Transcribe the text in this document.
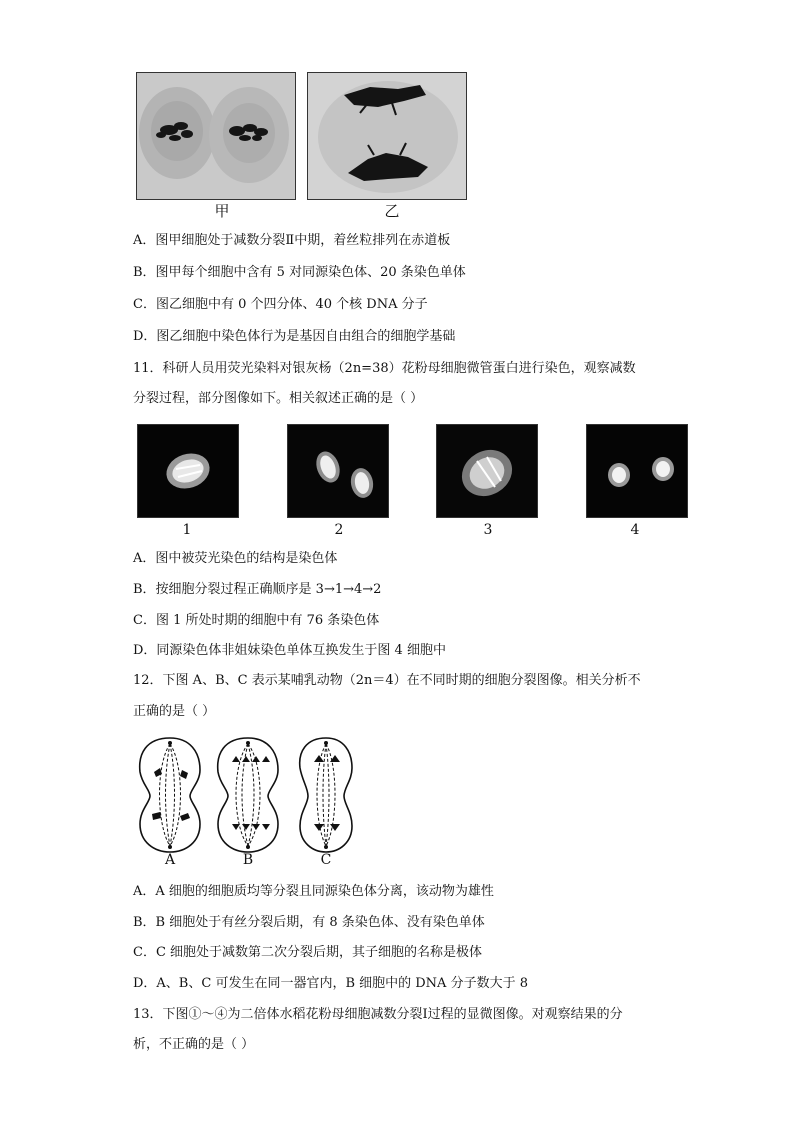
甲	乙
A．图甲细胞处于减数分裂Ⅱ中期，着丝粒排列在赤道板
B．图甲每个细胞中含有 5 对同源染色体、20 条染色单体
C．图乙细胞中有 0 个四分体、40 个核 DNA 分子
D．图乙细胞中染色体行为是基因自由组合的细胞学基础
11．科研人员用荧光染料对银灰杨（2n=38）花粉母细胞微管蛋白进行染色，观察减数
分裂过程，部分图像如下。相关叙述正确的是（ ）
1	2	3	4
A．图中被荧光染色的结构是染色体
B．按细胞分裂过程正确顺序是 3→1→4→2
C．图 1 所处时期的细胞中有 76 条染色体
D．同源染色体非姐妹染色单体互换发生于图 4 细胞中
12．下图 A、B、C 表示某哺乳动物（2n＝4）在不同时期的细胞分裂图像。相关分析不
正确的是（ ）
A	B	C
A．A 细胞的细胞质均等分裂且同源染色体分离，该动物为雄性
B．B 细胞处于有丝分裂后期，有 8 条染色体、没有染色单体
C．C 细胞处于减数第二次分裂后期，其子细胞的名称是极体
D．A、B、C 可发生在同一器官内，B 细胞中的 DNA 分子数大于 8
13．下图①～④为二倍体水稻花粉母细胞减数分裂Ⅰ过程的显微图像。对观察结果的分
析，不正确的是（ ）
